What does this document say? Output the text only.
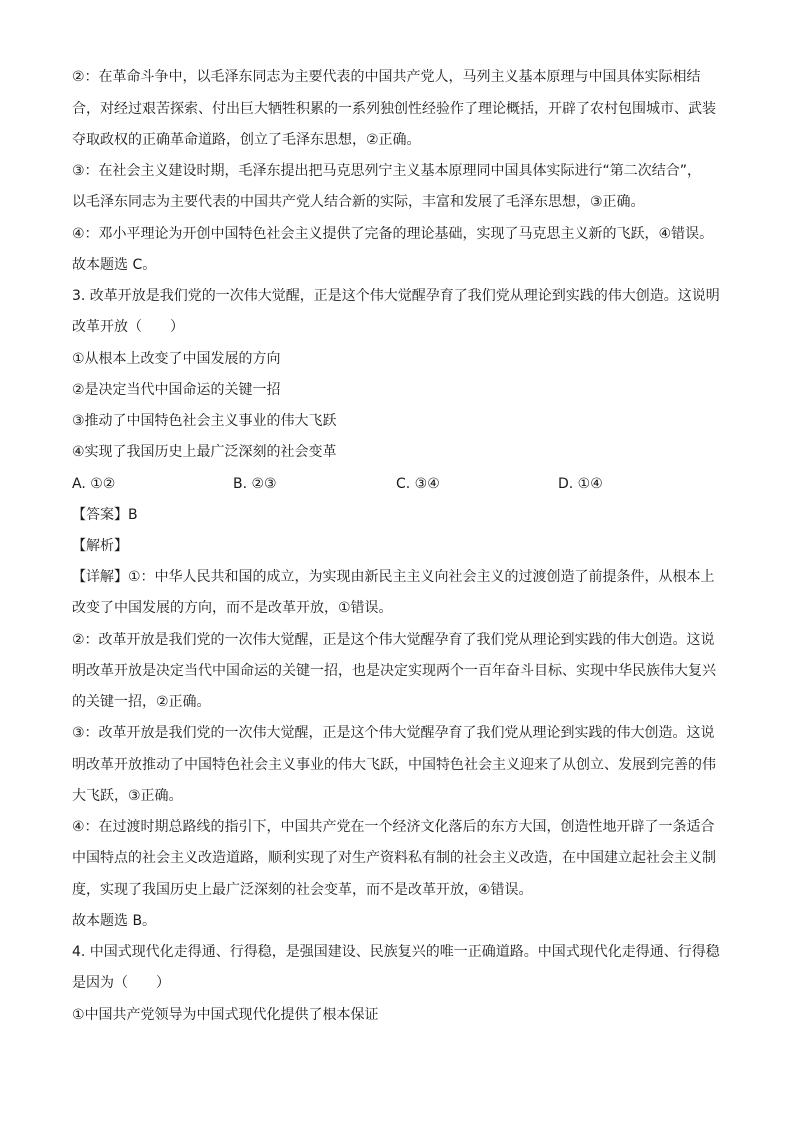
②：在革命斗争中，以毛泽东同志为主要代表的中国共产党人，马列主义基本原理与中国具体实际相结
合，对经过艰苦探索、付出巨大牺牲积累的一系列独创性经验作了理论概括，开辟了农村包围城市、武装
夺取政权的正确革命道路，创立了毛泽东思想，②正确。
③：在社会主义建设时期，毛泽东提出把马克思列宁主义基本原理同中国具体实际进行“第二次结合”，
以毛泽东同志为主要代表的中国共产党人结合新的实际，丰富和发展了毛泽东思想，③正确。
④：邓小平理论为开创中国特色社会主义提供了完备的理论基础，实现了马克思主义新的飞跃，④错误。
故本题选 C。
3. 改革开放是我们党的一次伟大觉醒，正是这个伟大觉醒孕育了我们党从理论到实践的伟大创造。这说明
改革开放（　　）
①从根本上改变了中国发展的方向
②是决定当代中国命运的关键一招
③推动了中国特色社会主义事业的伟大飞跃
④实现了我国历史上最广泛深刻的社会变革
A. ①②	B. ②③	C. ③④	D. ①④
【答案】B
【解析】
【详解】①：中华人民共和国的成立，为实现由新民主主义向社会主义的过渡创造了前提条件，从根本上
改变了中国发展的方向，而不是改革开放，①错误。
②：改革开放是我们党的一次伟大觉醒，正是这个伟大觉醒孕育了我们党从理论到实践的伟大创造。这说
明改革开放是决定当代中国命运的关键一招，也是决定实现两个一百年奋斗目标、实现中华民族伟大复兴
的关键一招，②正确。
③：改革开放是我们党的一次伟大觉醒，正是这个伟大觉醒孕育了我们党从理论到实践的伟大创造。这说
明改革开放推动了中国特色社会主义事业的伟大飞跃，中国特色社会主义迎来了从创立、发展到完善的伟
大飞跃，③正确。
④：在过渡时期总路线的指引下，中国共产党在一个经济文化落后的东方大国，创造性地开辟了一条适合
中国特点的社会主义改造道路，顺利实现了对生产资料私有制的社会主义改造，在中国建立起社会主义制
度，实现了我国历史上最广泛深刻的社会变革，而不是改革开放，④错误。
故本题选 B。
4. 中国式现代化走得通、行得稳，是强国建设、民族复兴的唯一正确道路。中国式现代化走得通、行得稳
是因为（　　）
①中国共产党领导为中国式现代化提供了根本保证
